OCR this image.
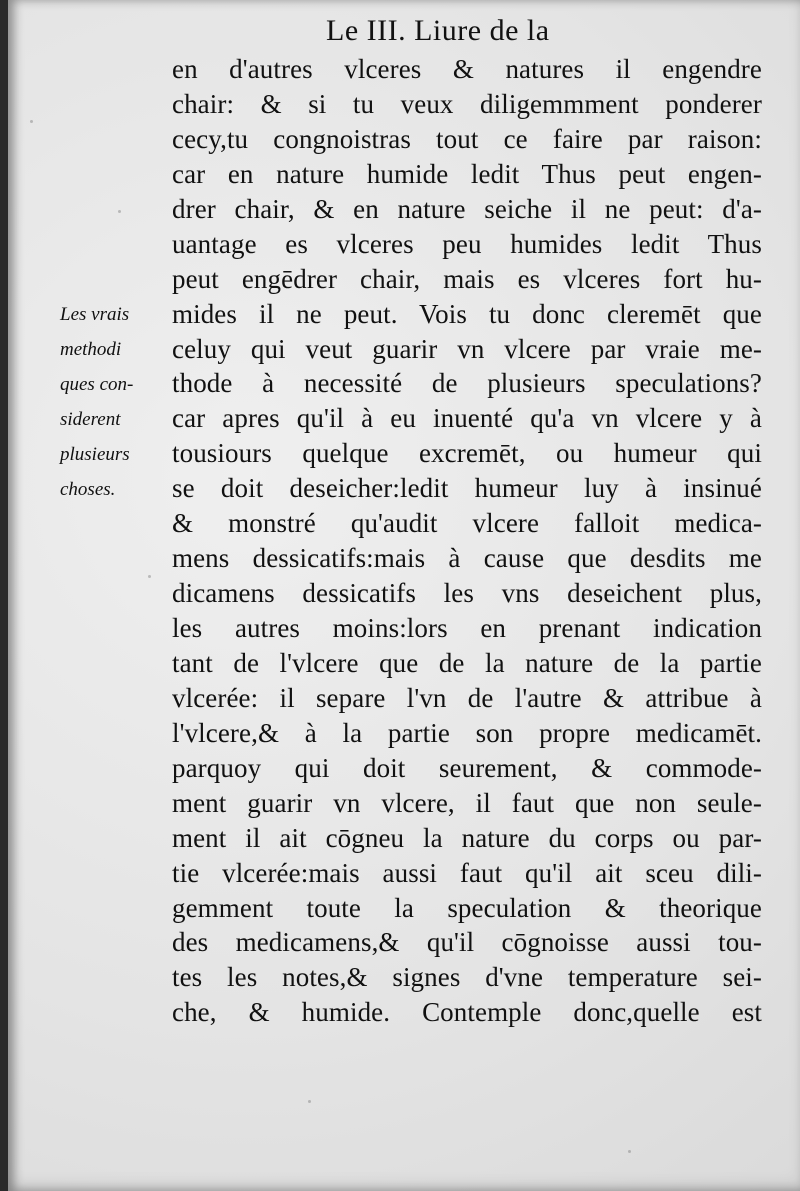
Le III. Liure de la
Les vrais
methodi
ques con-
siderent
plusieurs
choses.
en d'autres vlceres & natures il engendre
chair: & si tu veux diligemmment ponderer
cecy,tu congnoistras tout ce faire par raison:
car en nature humide ledit Thus peut engen-
drer chair, & en nature seiche il ne peut: d'a-
uantage es vlceres peu humides ledit Thus
peut engēdrer chair, mais es vlceres fort hu-
mides il ne peut. Vois tu donc cleremēt que
celuy qui veut guarir vn vlcere par vraie me-
thode à necessité de plusieurs speculations?
car apres qu'il à eu inuenté qu'a vn vlcere y à
tousiours quelque excremēt, ou humeur qui
se doit deseicher:ledit humeur luy à insinué
& monstré qu'audit vlcere falloit medica-
mens dessicatifs:mais à cause que desdits me
dicamens dessicatifs les vns deseichent plus,
les autres moins:lors en prenant indication
tant de l'vlcere que de la nature de la partie
vlcerée: il separe l'vn de l'autre & attribue à
l'vlcere,& à la partie son propre medicamēt.
parquoy qui doit seurement, & commode-
ment guarir vn vlcere, il faut que non seule-
ment il ait cōgneu la nature du corps ou par-
tie vlcerée:mais aussi faut qu'il ait sceu dili-
gemment toute la speculation & theorique
des medicamens,& qu'il cōgnoisse aussi tou-
tes les notes,& signes d'vne temperature sei-
che, & humide. Contemple donc,quelle est
